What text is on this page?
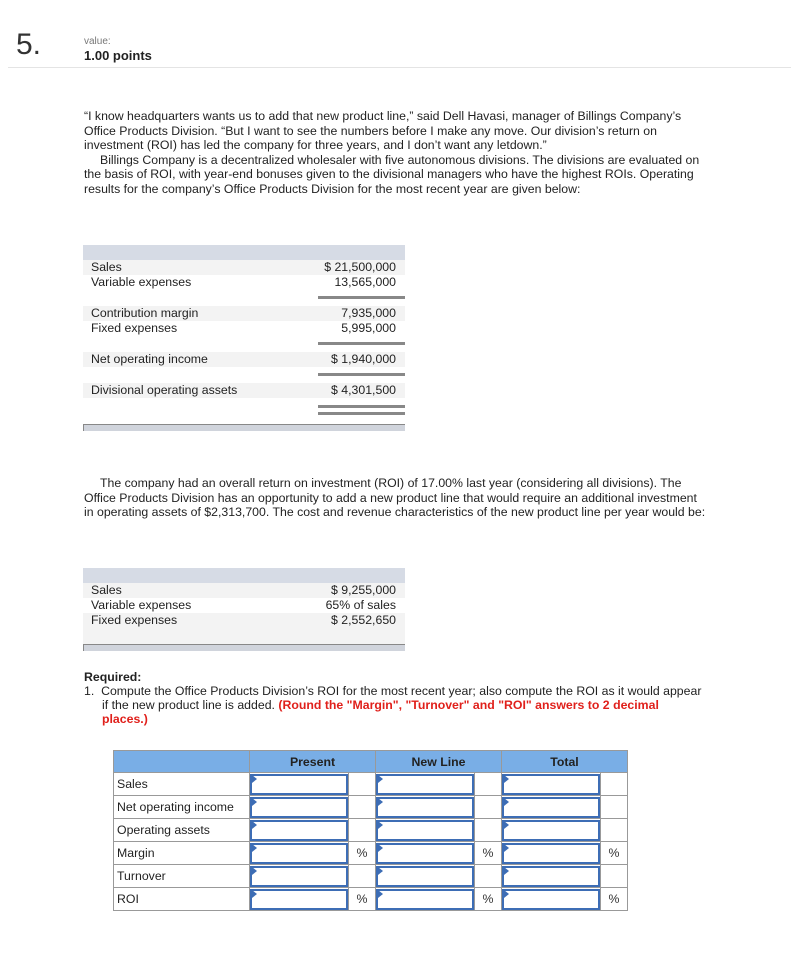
5.	value:
1.00 points
“I know headquarters wants us to add that new product line,” said Dell Havasi, manager of Billings Company’s Office Products Division. “But I want to see the numbers before I make any move. Our division’s return on investment (ROI) has led the company for three years, and I don’t want any letdown.”
Billings Company is a decentralized wholesaler with five autonomous divisions. The divisions are evaluated on the basis of ROI, with year-end bonuses given to the divisional managers who have the highest ROIs. Operating results for the company’s Office Products Division for the most recent year are given below:
Sales	$ 21,500,000
Variable expenses	13,565,000
Contribution margin	7,935,000
Fixed expenses	5,995,000
Net operating income	$ 1,940,000
Divisional operating assets	$ 4,301,500
The company had an overall return on investment (ROI) of 17.00% last year (considering all divisions). The Office Products Division has an opportunity to add a new product line that would require an additional investment in operating assets of $2,313,700. The cost and revenue characteristics of the new product line per year would be:
Sales	$ 9,255,000
Variable expenses	65% of sales
Fixed expenses	$ 2,552,650
Required:
1.  Compute the Office Products Division’s ROI for the most recent year; also compute the ROI as it would appear if the new product line is added. (Round the "Margin", "Turnover" and "ROI" answers to 2 decimal places.)
	Present		New Line		Total	
Sales	

Net operating income	

Operating assets	

Margin		%		%		%
Turnover	

ROI		%		%		%
